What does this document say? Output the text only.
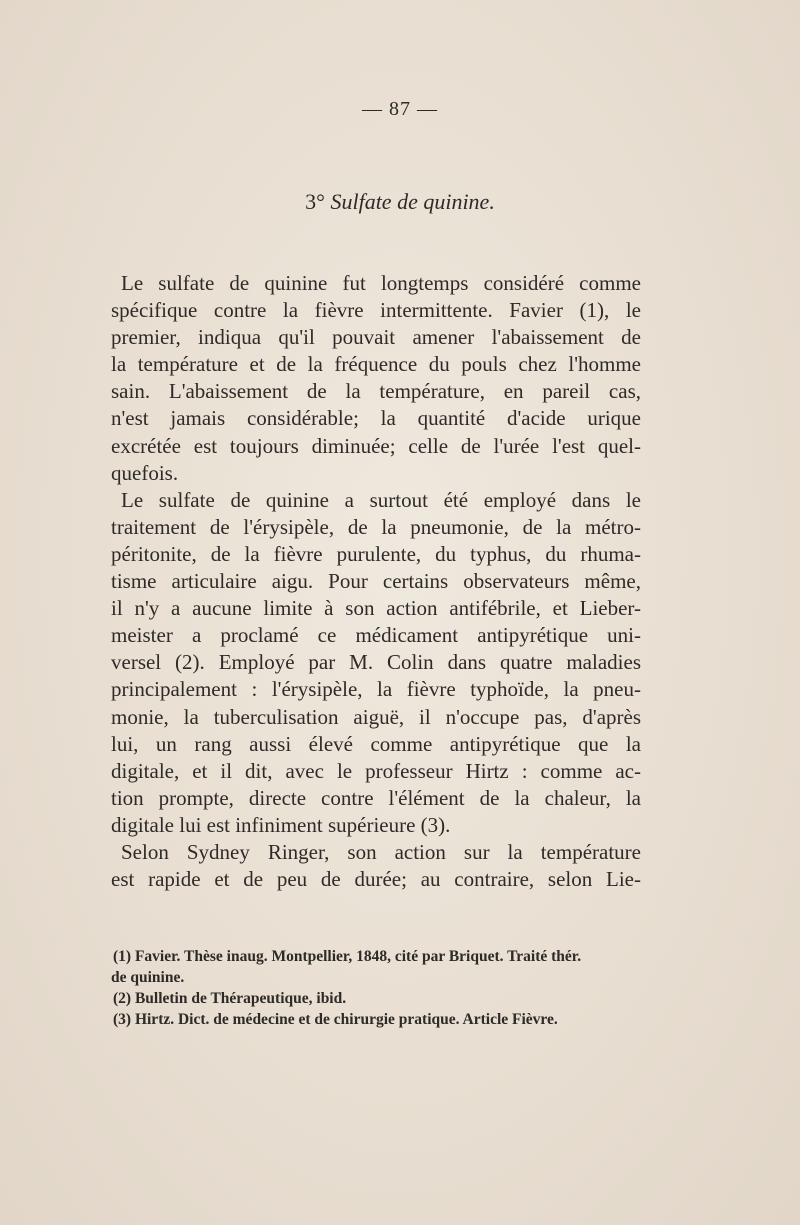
— 87 —
3° Sulfate de quinine.
Le sulfate de quinine fut longtemps considéré comme
spécifique contre la fièvre intermittente. Favier (1), le
premier, indiqua qu'il pouvait amener l'abaissement de
la température et de la fréquence du pouls chez l'homme
sain. L'abaissement de la température, en pareil cas,
n'est jamais considérable; la quantité d'acide urique
excrétée est toujours diminuée; celle de l'urée l'est quel-
quefois.
Le sulfate de quinine a surtout été employé dans le
traitement de l'érysipèle, de la pneumonie, de la métro-
péritonite, de la fièvre purulente, du typhus, du rhuma-
tisme articulaire aigu. Pour certains observateurs même,
il n'y a aucune limite à son action antifébrile, et Lieber-
meister a proclamé ce médicament antipyrétique uni-
versel (2). Employé par M. Colin dans quatre maladies
principalement : l'érysipèle, la fièvre typhoïde, la pneu-
monie, la tuberculisation aiguë, il n'occupe pas, d'après
lui, un rang aussi élevé comme antipyrétique que la
digitale, et il dit, avec le professeur Hirtz : comme ac-
tion prompte, directe contre l'élément de la chaleur, la
digitale lui est infiniment supérieure (3).
Selon Sydney Ringer, son action sur la température
est rapide et de peu de durée; au contraire, selon Lie-
(1) Favier. Thèse inaug. Montpellier, 1848, cité par Briquet. Traité thér.
de quinine.
(2) Bulletin de Thérapeutique, ibid.
(3) Hirtz. Dict. de médecine et de chirurgie pratique. Article Fièvre.
